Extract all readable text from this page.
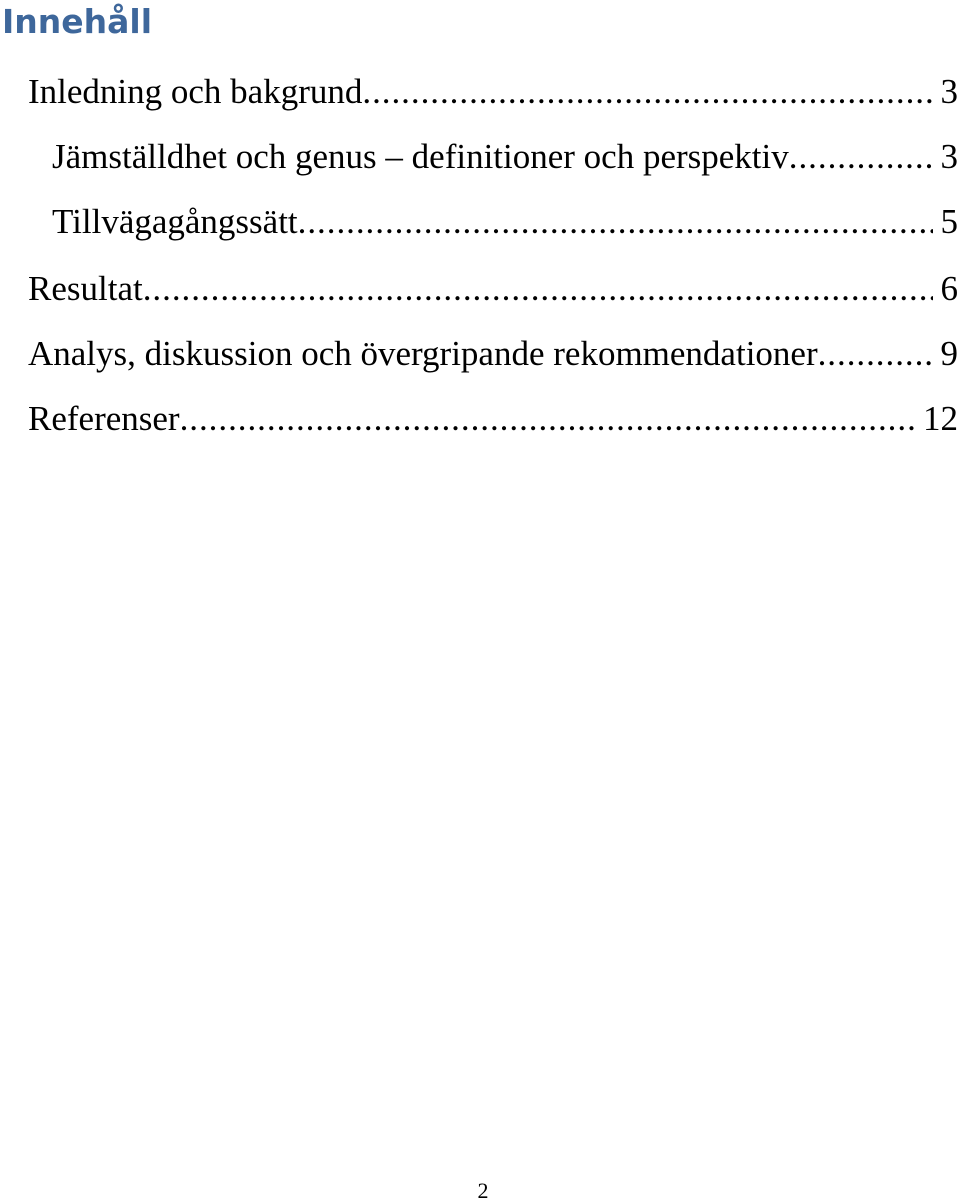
Innehåll
Inledning och bakgrund . . .	3
Jämställdhet och genus – definitioner och perspektiv . . .	3
Tillvägagångssätt . . .	5
Resultat . . .	6
Analys, diskussion och övergripande rekommendationer . . .	9
Referenser . . .	12
2
